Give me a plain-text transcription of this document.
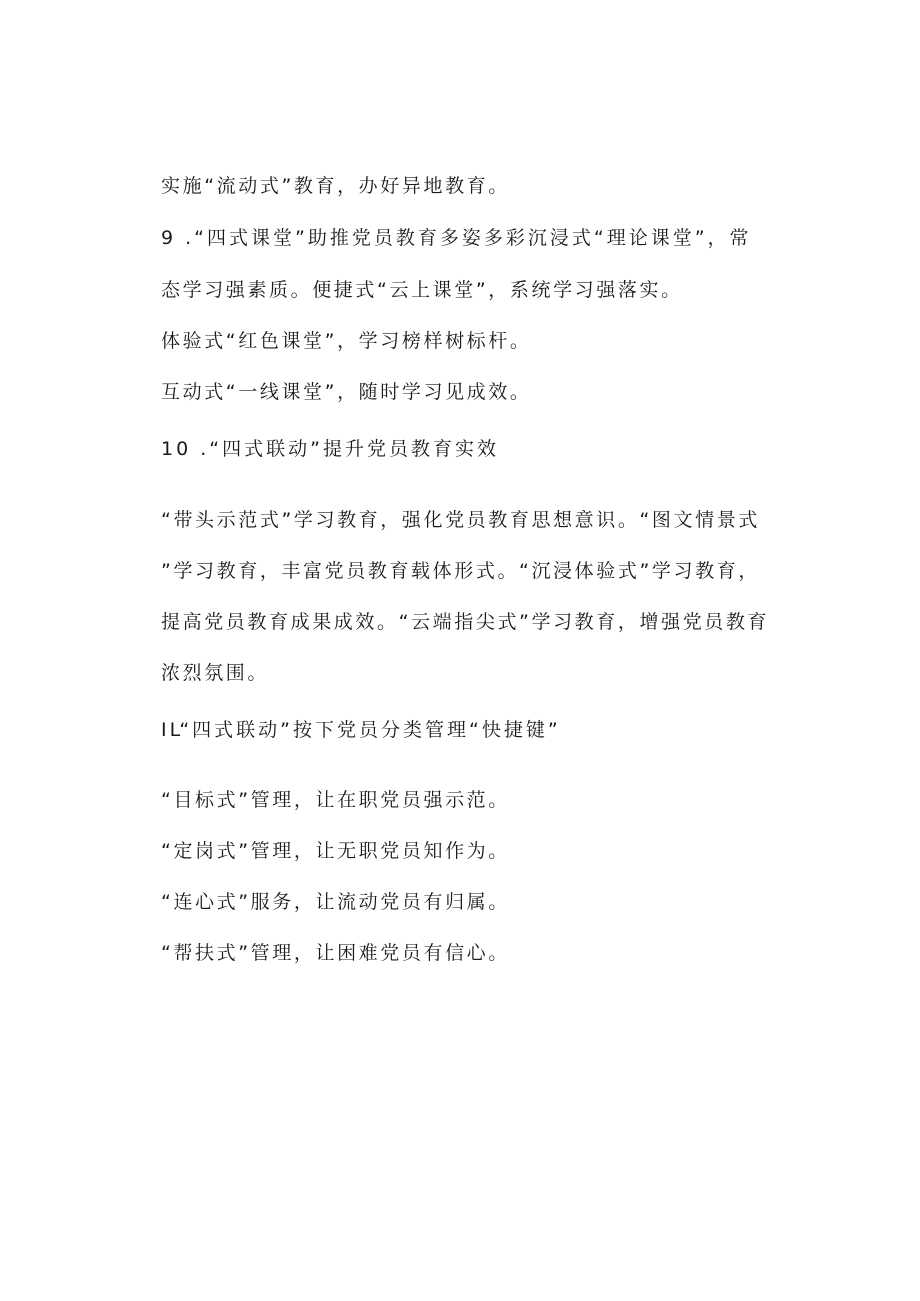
实施“流动式”教育，办好异地教育。
9 .“四式课堂”助推党员教育多姿多彩沉浸式“理论课堂”，常
态学习强素质。便捷式“云上课堂”，系统学习强落实。
体验式“红色课堂”，学习榜样树标杆。
互动式“一线课堂”，随时学习见成效。
10 .“四式联动”提升党员教育实效
“带头示范式”学习教育，强化党员教育思想意识。“图文情景式
”学习教育，丰富党员教育载体形式。“沉浸体验式”学习教育，
提高党员教育成果成效。“云端指尖式”学习教育，增强党员教育
浓烈氛围。
IL“四式联动”按下党员分类管理“快捷键”
“目标式”管理，让在职党员强示范。
“定岗式”管理，让无职党员知作为。
“连心式”服务，让流动党员有归属。
“帮扶式”管理，让困难党员有信心。
